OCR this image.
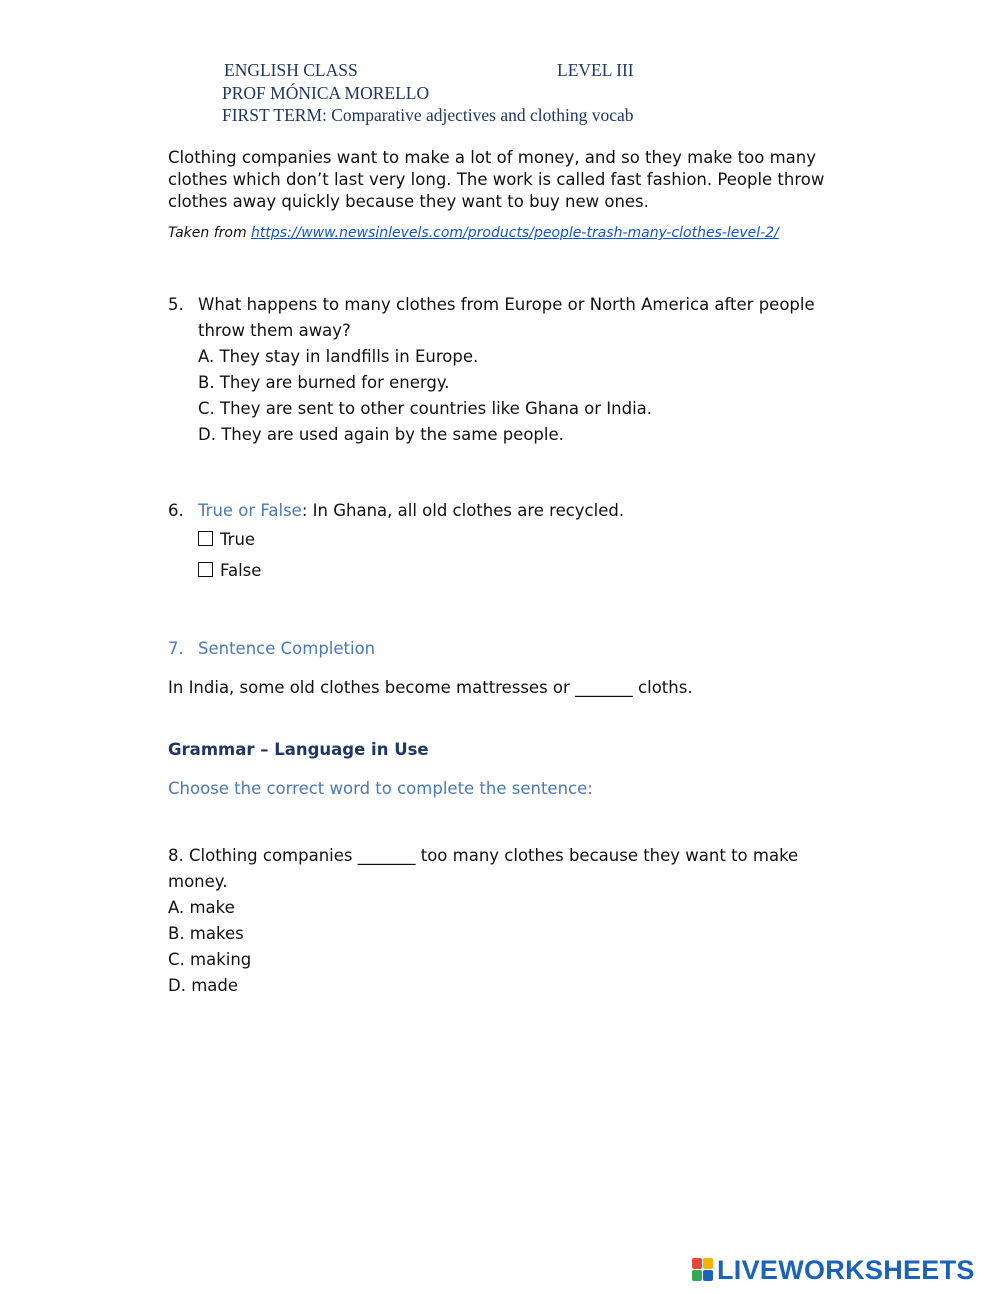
ENGLISH CLASS	LEVEL III
PROF MÓNICA MORELLO
FIRST TERM: Comparative adjectives and clothing vocab
Clothing companies want to make a lot of money, and so they make too many clothes which don’t last very long. The work is called fast fashion. People throw clothes away quickly because they want to buy new ones.
Taken from https://www.newsinlevels.com/products/people-trash-many-clothes-level-2/
5. What happens to many clothes from Europe or North America after people throw them away?
A. They stay in landfills in Europe.
B. They are burned for energy.
C. They are sent to other countries like Ghana or India.
D. They are used again by the same people.
6. True or False: In Ghana, all old clothes are recycled.
True
False
7. Sentence Completion
In India, some old clothes become mattresses or _______ cloths.
Grammar – Language in Use
Choose the correct word to complete the sentence:
8. Clothing companies _______ too many clothes because they want to make money.
A. make
B. makes
C. making
D. made
LIVEWORKSHEETS
